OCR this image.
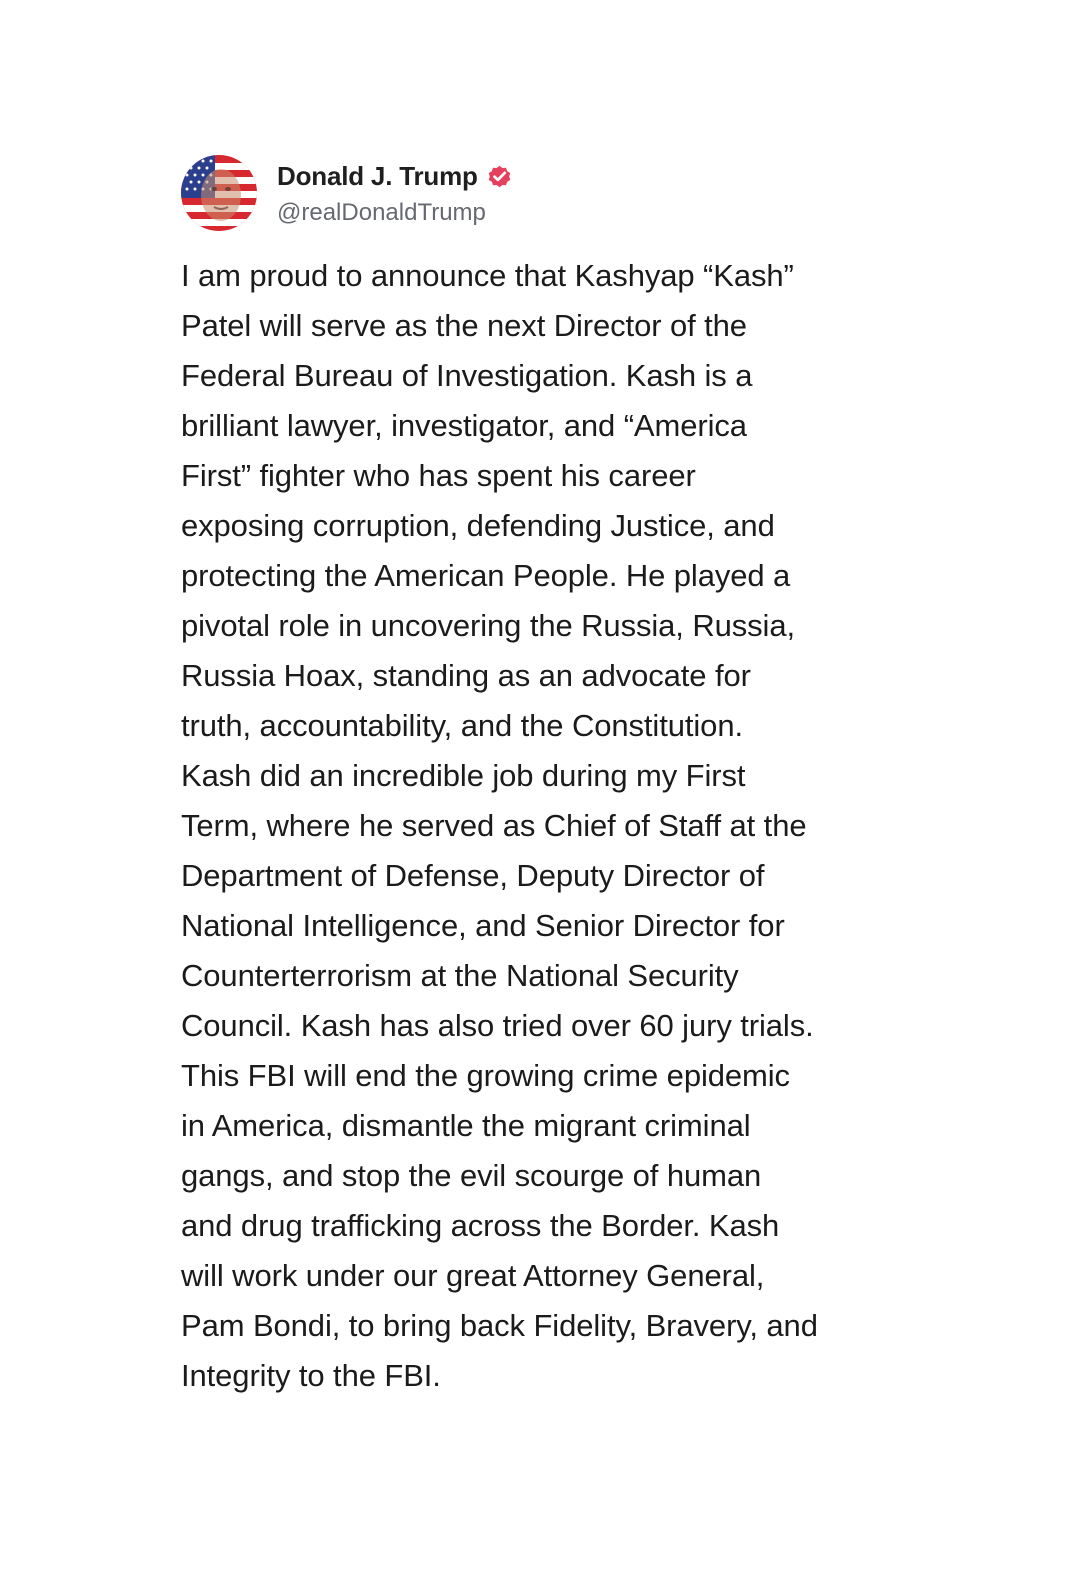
Donald J. Trump
@realDonaldTrump
I am proud to announce that Kashyap “Kash”
Patel will serve as the next Director of the
Federal Bureau of Investigation. Kash is a
brilliant lawyer, investigator, and “America
First” fighter who has spent his career
exposing corruption, defending Justice, and
protecting the American People. He played a
pivotal role in uncovering the Russia, Russia,
Russia Hoax, standing as an advocate for
truth, accountability, and the Constitution.
Kash did an incredible job during my First
Term, where he served as Chief of Staff at the
Department of Defense, Deputy Director of
National Intelligence, and Senior Director for
Counterterrorism at the National Security
Council. Kash has also tried over 60 jury trials.
This FBI will end the growing crime epidemic
in America, dismantle the migrant criminal
gangs, and stop the evil scourge of human
and drug trafficking across the Border. Kash
will work under our great Attorney General,
Pam Bondi, to bring back Fidelity, Bravery, and
Integrity to the FBI.
